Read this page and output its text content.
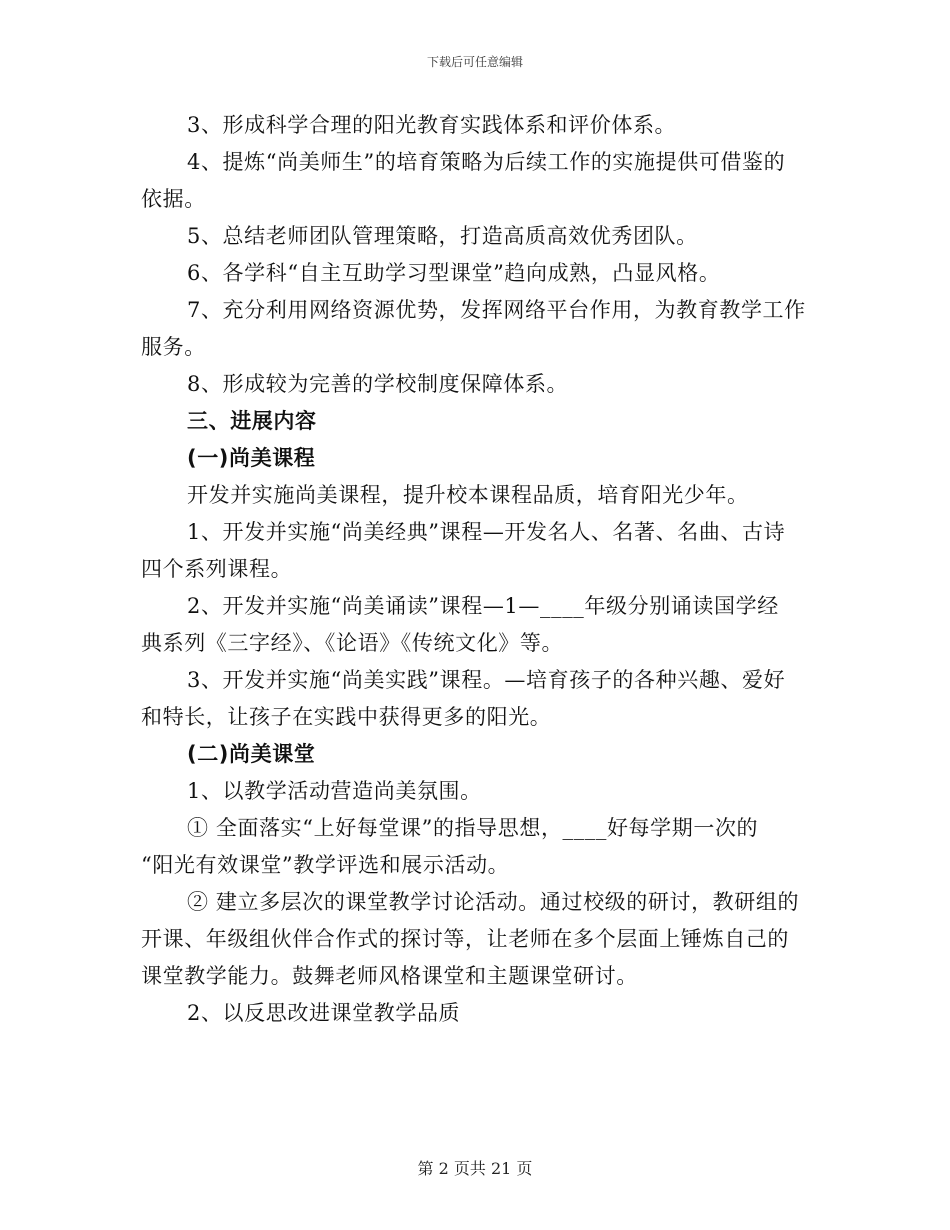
下载后可任意编辑

3、形成科学合理的阳光教育实践体系和评价体系。

4、提炼“尚美师生”的培育策略为后续工作的实施提供可借鉴的

依据。

5、总结老师团队管理策略，打造高质高效优秀团队。

6、各学科“自主互助学习型课堂”趋向成熟，凸显风格。

7、充分利用网络资源优势，发挥网络平台作用，为教育教学工作

服务。

8、形成较为完善的学校制度保障体系。

三、进展内容

(一)尚美课程

开发并实施尚美课程，提升校本课程品质，培育阳光少年。

1、开发并实施“尚美经典”课程—开发名人、名著、名曲、古诗

四个系列课程。

2、开发并实施“尚美诵读”课程—1—____年级分别诵读国学经

典系列《三字经》、《论语》《传统文化》等。

3、开发并实施“尚美实践”课程。—培育孩子的各种兴趣、爱好

和特长，让孩子在实践中获得更多的阳光。

(二)尚美课堂

1、以教学活动营造尚美氛围。

① 全面落实“上好每堂课”的指导思想，____好每学期一次的

“阳光有效课堂”教学评选和展示活动。

② 建立多层次的课堂教学讨论活动。通过校级的研讨，教研组的

开课、年级组伙伴合作式的探讨等，让老师在多个层面上锤炼自己的

课堂教学能力。鼓舞老师风格课堂和主题课堂研讨。

2、以反思改进课堂教学品质

第 2 页共 21 页
